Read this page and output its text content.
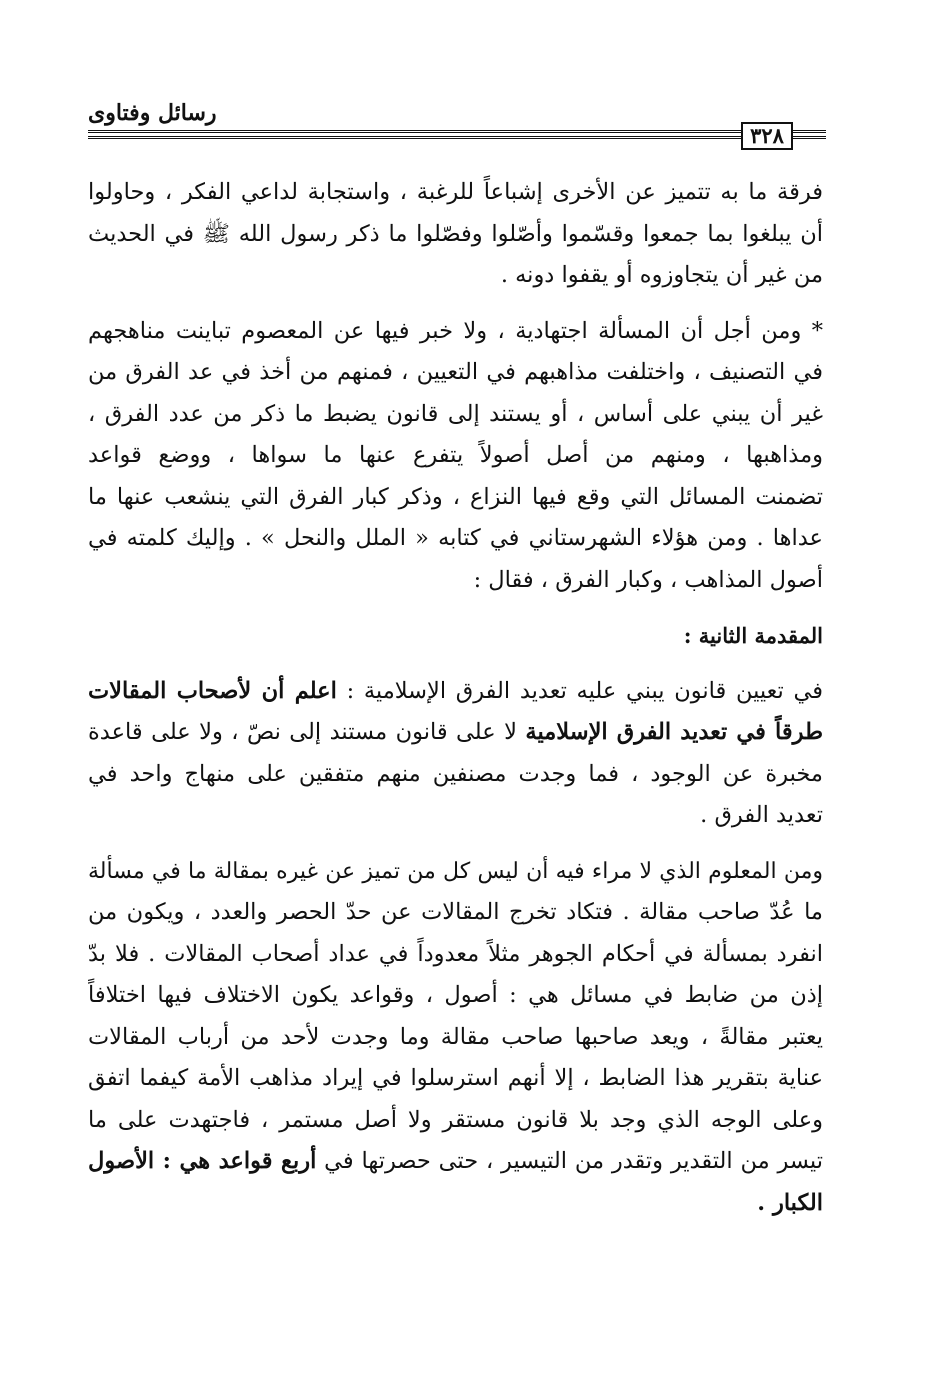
رسائل وفتاوى
٣٢٨
فرقة ما به تتميز عن الأخرى إشباعاً للرغبة ، واستجابة لداعي الفكر ، وحاولوا
أن يبلغوا بما جمعوا وقسّموا وأصّلوا وفصّلوا ما ذكر رسول الله ﷺ في الحديث
من غير أن يتجاوزوه أو يقفوا دونه .
* ومن أجل أن المسألة اجتهادية ، ولا خبر فيها عن المعصوم تباينت مناهجهم
في التصنيف ، واختلفت مذاهبهم في التعيين ، فمنهم من أخذ في عد الفرق من
غير أن يبني على أساس ، أو يستند إلى قانون يضبط ما ذكر من عدد الفرق ،
ومذاهبها ، ومنهم من أصل أصولاً يتفرع عنها ما سواها ، ووضع قواعد
تضمنت المسائل التي وقع فيها النزاع ، وذكر كبار الفرق التي ينشعب عنها ما
عداها . ومن هؤلاء الشهرستاني في كتابه « الملل والنحل » . وإليك كلمته في
أصول المذاهب ، وكبار الفرق ، فقال :
المقدمة الثانية :
في تعيين قانون يبني عليه تعديد الفرق الإسلامية : اعلم أن لأصحاب المقالات
طرقاً في تعديد الفرق الإسلامية لا على قانون مستند إلى نصّ ، ولا على قاعدة
مخبرة عن الوجود ، فما وجدت مصنفين منهم متفقين على منهاج واحد في
تعديد الفرق .
ومن المعلوم الذي لا مراء فيه أن ليس كل من تميز عن غيره بمقالة ما في مسألة
ما عُدّ صاحب مقالة . فتكاد تخرج المقالات عن حدّ الحصر والعدد ، ويكون من
انفرد بمسألة في أحكام الجوهر مثلاً معدوداً في عداد أصحاب المقالات . فلا بدّ
إذن من ضابط في مسائل هي : أصول ، وقواعد يكون الاختلاف فيها اختلافاً
يعتبر مقالةً ، ويعد صاحبها صاحب مقالة وما وجدت لأحد من أرباب المقالات
عناية بتقرير هذا الضابط ، إلا أنهم استرسلوا في إيراد مذاهب الأمة كيفما اتفق
وعلى الوجه الذي وجد بلا قانون مستقر ولا أصل مستمر ، فاجتهدت على ما
تيسر من التقدير وتقدر من التيسير ، حتى حصرتها في أربع قواعد هي : الأصول
الكبار .
